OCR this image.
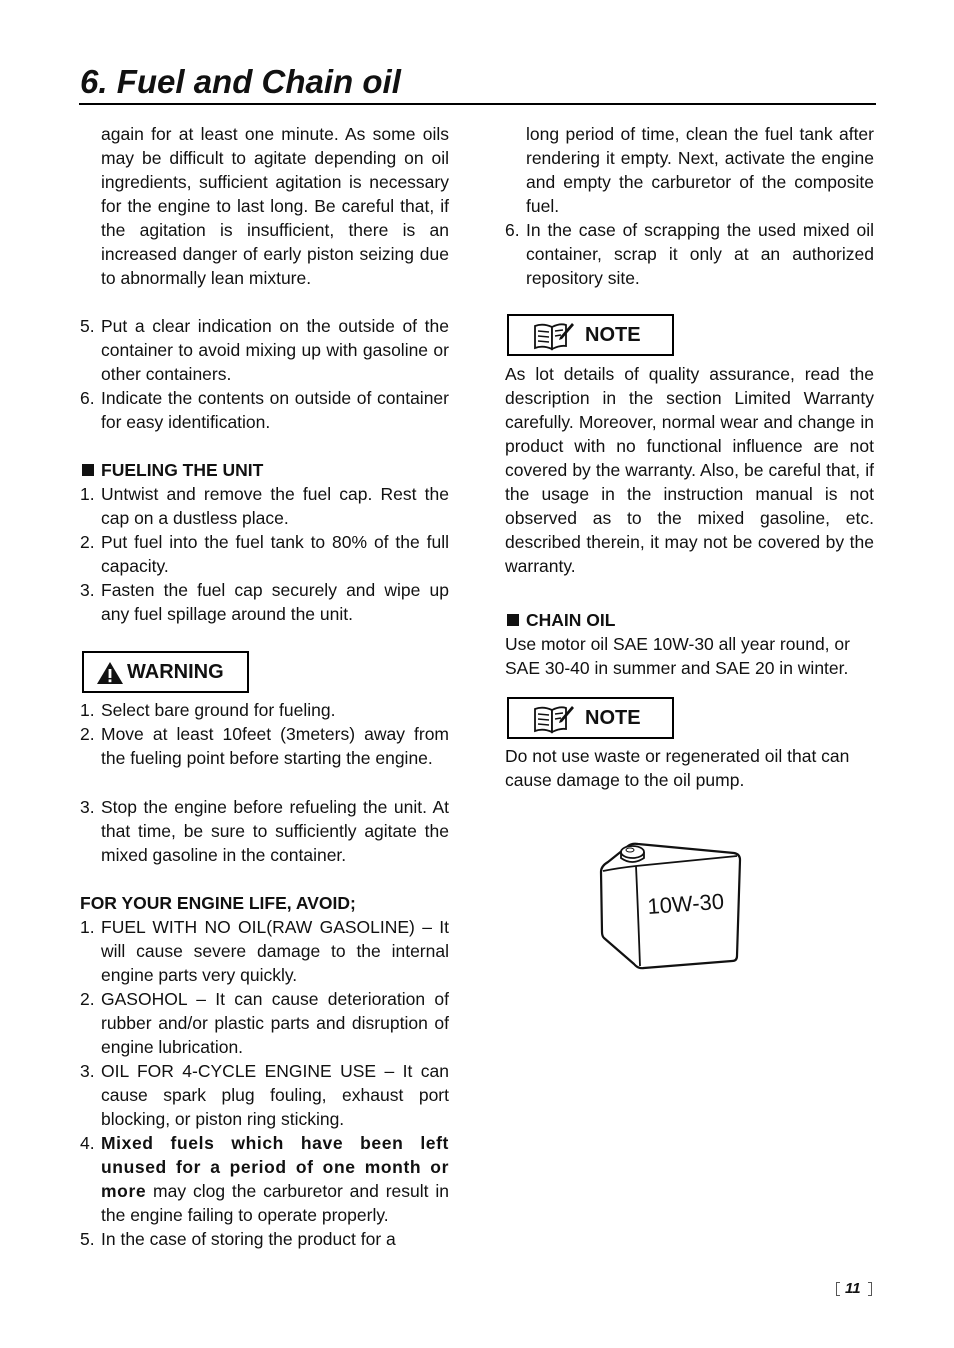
6. Fuel and Chain oil
again for at least one minute. As some oils may be difficult to agitate depending on oil ingredients, sufficient agitation is necessary for the engine to last long. Be careful that, if the agitation is insufficient, there is an increased danger of early piston seizing due to abnormally lean mixture.
5. Put a clear indication on the outside of the container to avoid mixing up with gasoline or other containers.
6. Indicate the contents on outside of container for easy identification.
FUELING THE UNIT
1. Untwist and remove the fuel cap. Rest the cap on a dustless place.
2. Put fuel into the fuel tank to 80% of the full capacity.
3. Fasten the fuel cap securely and wipe up any fuel spillage around the unit.
WARNING
1. Select bare ground for fueling.
2. Move at least 10feet (3meters) away from the fueling point before starting the engine.
3. Stop the engine before refueling the unit. At that time, be sure to sufficiently agitate the mixed gasoline in the container.
FOR YOUR ENGINE LIFE, AVOID;
1. FUEL WITH NO OIL(RAW GASOLINE) – It will cause severe damage to the internal engine parts very quickly.
2. GASOHOL – It can cause deterioration of rubber and/or plastic parts and disruption of engine lubrication.
3. OIL FOR 4-CYCLE ENGINE USE – It can cause spark plug fouling, exhaust port blocking, or piston ring sticking.
4. Mixed fuels which have been left unused for a period of one month or more may clog the carburetor and result in the engine failing to operate properly.
5. In the case of storing the product for a
long period of time, clean the fuel tank after rendering it empty. Next, activate the engine and empty the carburetor of the composite fuel.
6. In the case of scrapping the used mixed oil container, scrap it only at an authorized repository site.
NOTE
As lot details of quality assurance, read the description in the section Limited Warranty carefully. Moreover, normal wear and change in product with no functional influence are not covered by the warranty. Also, be careful that, if the usage in the instruction manual is not observed as to the mixed gasoline, etc. described therein, it may not be covered by the warranty.
CHAIN OIL
Use motor oil SAE 10W-30 all year round, or SAE 30-40 in summer and SAE 20 in winter.
NOTE
Do not use waste or regenerated oil that can cause damage to the oil pump.
10W-30
11
